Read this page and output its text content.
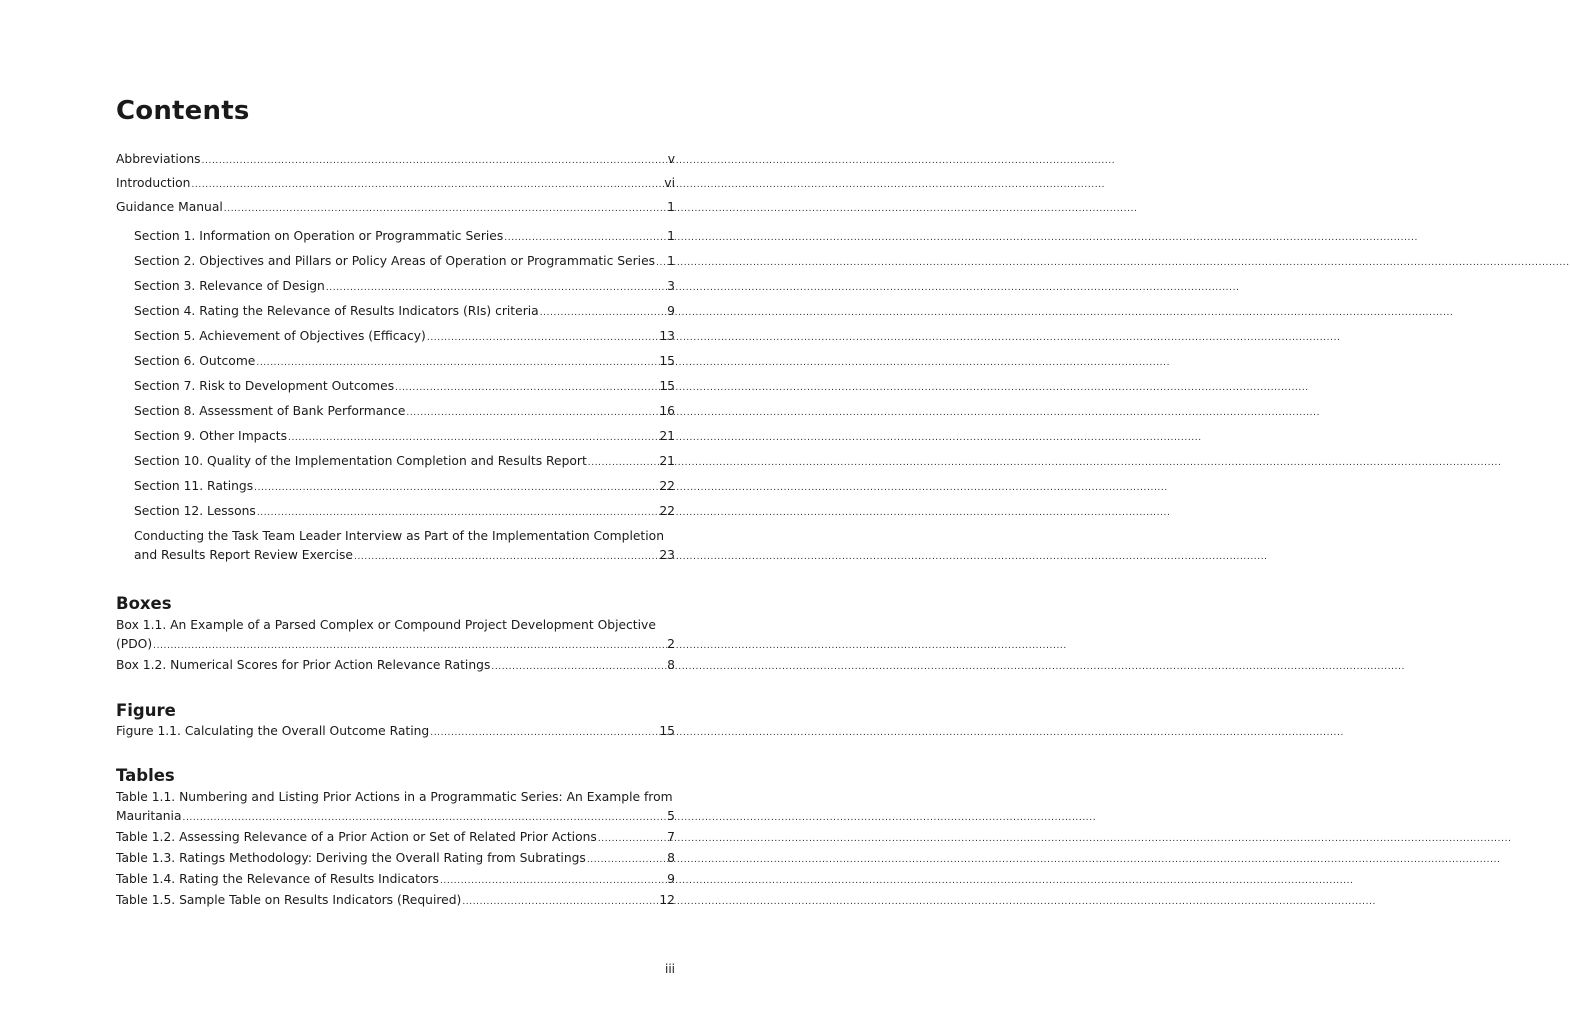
Contents
Abbreviations .....	v
Introduction .....	vi
Guidance Manual .....	1
Section 1. Information on Operation or Programmatic Series .....	1
Section 2. Objectives and Pillars or Policy Areas of Operation or Programmatic Series ..... 1
Section 3. Relevance of Design .....	3
Section 4. Rating the Relevance of Results Indicators (RIs) criteria .....	9
Section 5. Achievement of Objectives (Efficacy) .....	13
Section 6. Outcome .....	15
Section 7. Risk to Development Outcomes .....	15
Section 8. Assessment of Bank Performance .....	16
Section 9. Other Impacts .....	21
Section 10. Quality of the Implementation Completion and Results Report .....	21
Section 11. Ratings .....	22
Section 12. Lessons .....	22
Conducting the Task Team Leader Interview as Part of the Implementation Completion
and Results Report Review Exercise .....	23
Boxes
Box 1.1. An Example of a Parsed Complex or Compound Project Development Objective
(PDO) .....	2
Box 1.2. Numerical Scores for Prior Action Relevance Ratings .....	8
Figure
Figure 1.1. Calculating the Overall Outcome Rating .....	15
Tables
Table 1.1. Numbering and Listing Prior Actions in a Programmatic Series: An Example from
Mauritania .....	5
Table 1.2. Assessing Relevance of a Prior Action or Set of Related Prior Actions .....	7
Table 1.3. Ratings Methodology: Deriving the Overall Rating from Subratings .....	8
Table 1.4. Rating the Relevance of Results Indicators .....	9
Table 1.5. Sample Table on Results Indicators (Required) .....	12
iii
